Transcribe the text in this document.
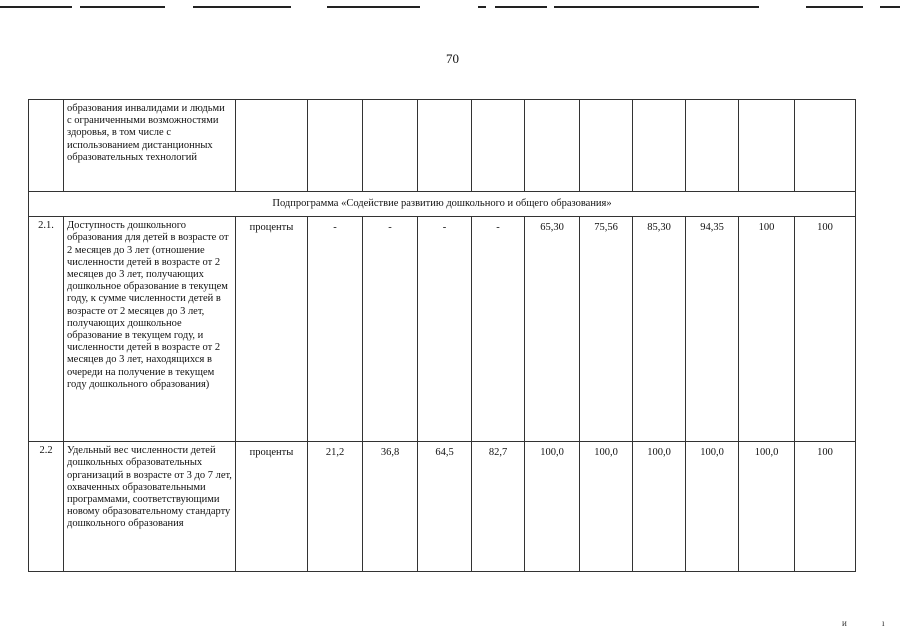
70
	образования инвалидами и людьми с ограниченными возможностями здоровья, в том числе с использованием дистанционных образовательных технологий											
Подпрограмма «Содействие развитию дошкольного и общего образования»												
2.1.	Доступность дошкольного образования для детей в возрасте от 2 месяцев до 3 лет (отношение численности детей в возрасте от 2 месяцев до 3 лет, получающих дошкольное образование в текущем году, к сумме численности детей в возрасте от 2 месяцев до 3 лет, получающих дошкольное образование в текущем году, и численности детей в возрасте от 2 месяцев до 3 лет, находящихся в очереди на получение в текущем году дошкольного образования)	проценты	-	-	-	-	65,30	75,56	85,30	94,35	100	100
2.2	Удельный вес численности детей дошкольных образовательных организаций в возрасте от 3 до 7 лет, охваченных образовательными программами, соответствующими новому образовательному стандарту дошкольного образования	проценты	21,2	36,8	64,5	82,7	100,0	100,0	100,0	100,0	100,0	100
и	ı
